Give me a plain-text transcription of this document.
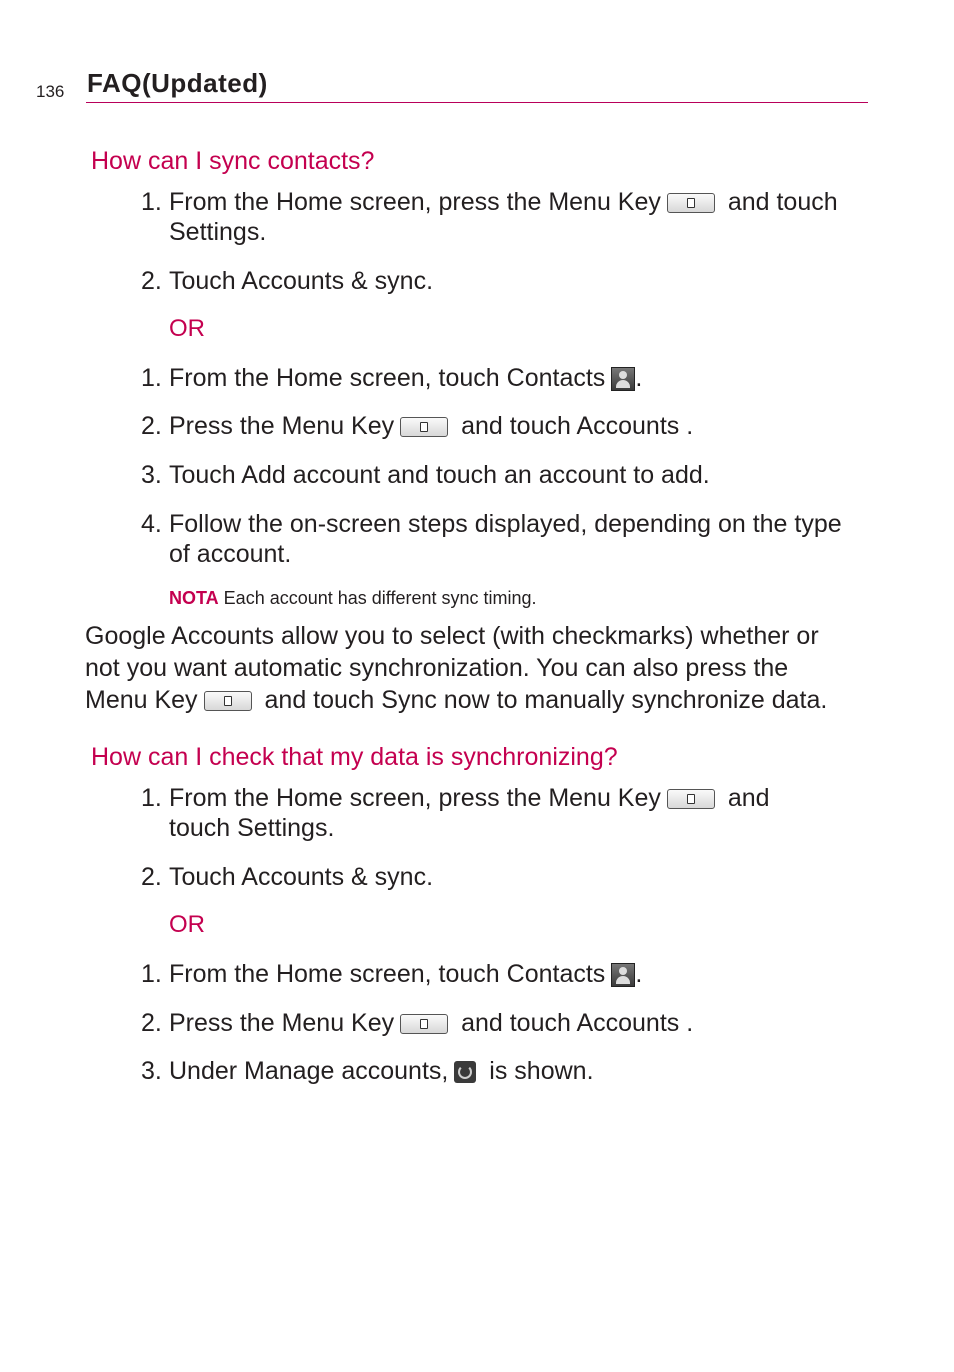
136 FAQ(Updated)
How can I sync contacts?
1. From the Home screen, press the Menu Key and touch
Settings.
2. Touch Accounts & sync.
OR
1. From the Home screen, touch Contacts .
2. Press the Menu Key and touch Accounts .
3. Touch Add account and touch an account to add.
4. Follow the on-screen steps displayed, depending on the type
of account.
NOTA Each account has different sync timing.
Google Accounts allow you to select (with checkmarks) whether or
not you want automatic synchronization. You can also press the
Menu Key and touch Sync now to manually synchronize data.
How can I check that my data is synchronizing?
1. From the Home screen, press the Menu Key and
touch Settings.
2. Touch Accounts & sync.
OR
1. From the Home screen, touch Contacts .
2. Press the Menu Key and touch Accounts .
3. Under Manage accounts, is shown.
